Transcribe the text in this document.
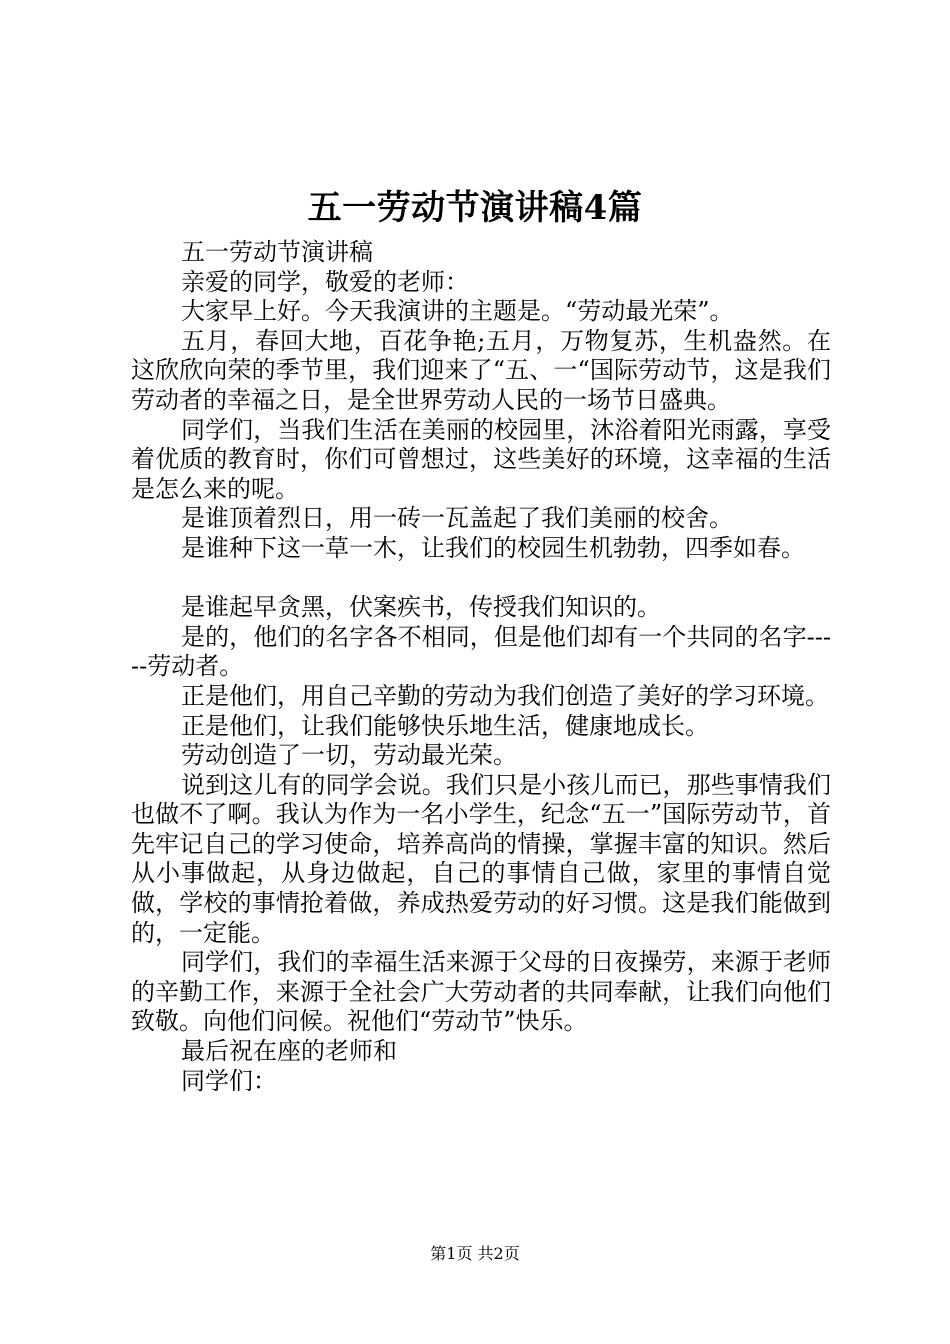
五一劳动节演讲稿4篇

五一劳动节演讲稿

亲爱的同学，敬爱的老师：

大家早上好。今天我演讲的主题是。“劳动最光荣”。

五月，春回大地，百花争艳;五月，万物复苏，生机盎然。在这欣欣向荣的季节里，我们迎来了“五、一“国际劳动节，这是我们劳动者的幸福之日，是全世界劳动人民的一场节日盛典。

同学们，当我们生活在美丽的校园里，沐浴着阳光雨露，享受着优质的教育时，你们可曾想过，这些美好的环境，这幸福的生活是怎么来的呢。

是谁顶着烈日，用一砖一瓦盖起了我们美丽的校舍。

是谁种下这一草一木，让我们的校园生机勃勃，四季如春。

是谁起早贪黑，伏案疾书，传授我们知识的。

是的，他们的名字各不相同，但是他们却有一个共同的名字-----劳动者。

正是他们，用自己辛勤的劳动为我们创造了美好的学习环境。

正是他们，让我们能够快乐地生活，健康地成长。

劳动创造了一切，劳动最光荣。

说到这儿有的同学会说。我们只是小孩儿而已，那些事情我们也做不了啊。我认为作为一名小学生，纪念“五一”国际劳动节，首先牢记自己的学习使命，培养高尚的情操，掌握丰富的知识。然后从小事做起，从身边做起，自己的事情自己做，家里的事情自觉做，学校的事情抢着做，养成热爱劳动的好习惯。这是我们能做到的，一定能。

同学们，我们的幸福生活来源于父母的日夜操劳，来源于老师的辛勤工作，来源于全社会广大劳动者的共同奉献，让我们向他们致敬。向他们问候。祝他们“劳动节”快乐。

最后祝在座的老师和

同学们：

第1页 共2页
